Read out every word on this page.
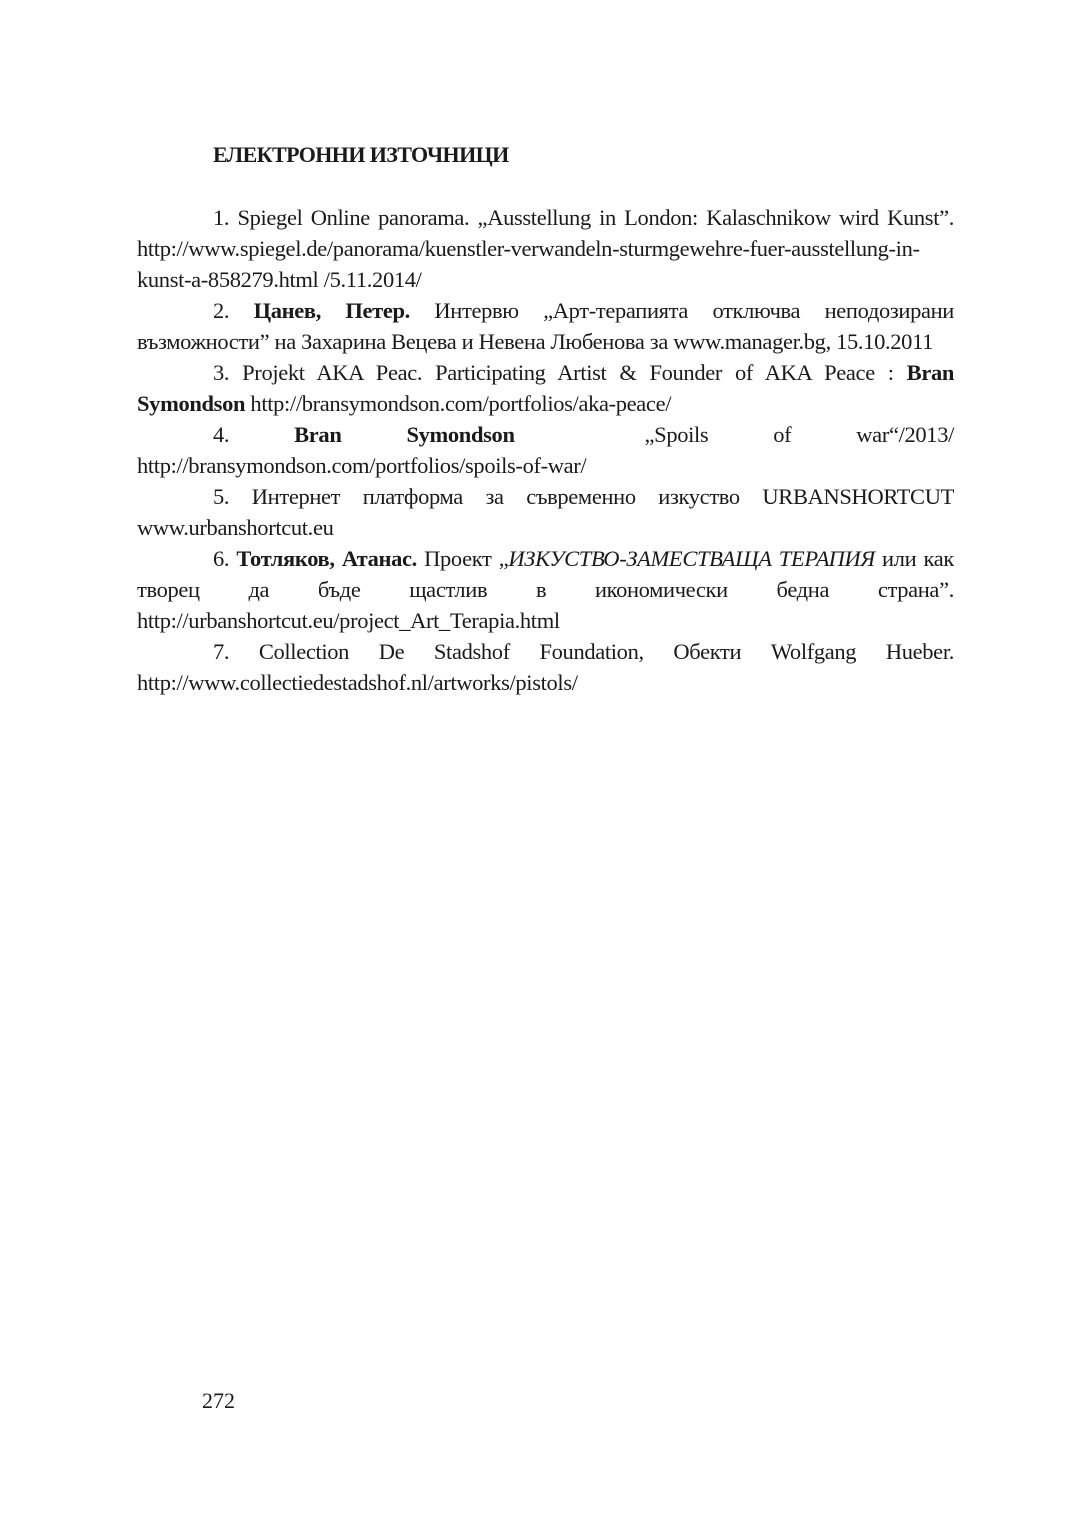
ЕЛЕКТРОННИ ИЗТОЧНИЦИ

1. Spiegel Online panorama. „Ausstellung in London: Kalaschnikow wird Kunst”. http://www.spiegel.de/panorama/kuenstler-verwandeln-sturmgewehre-fuer-ausstellung-in-kunst-a-858279.html /5.11.2014/

2. Цанев, Петер. Интервю „Арт-терапията отключва неподозирани възможности” на Захарина Вецева и Невена Любенова за www.manager.bg, 15.10.2011

3. Projekt AKA Peac. Participating Artist & Founder of AKA Peace : Bran Symondson http://bransymondson.com/portfolios/aka-peace/

4. Bran Symondson  „Spoils of war“/2013/ http://bransymondson.com/portfolios/spoils-of-war/

5. Интернет платформа за съвременно изкуство URBANSHORTCUT www.urbanshortcut.eu

6. Тотляков, Атанас. Проект „ИЗКУСТВО-ЗАМЕСТВАЩА ТЕРАПИЯ или как творец да бъде щастлив в икономически бедна страна”. http://urbanshortcut.eu/project_Art_Terapia.html

7. Collection De Stadshof Foundation, Обекти Wolfgang Hueber. http://www.collectiedestadshof.nl/artworks/pistols/

272
